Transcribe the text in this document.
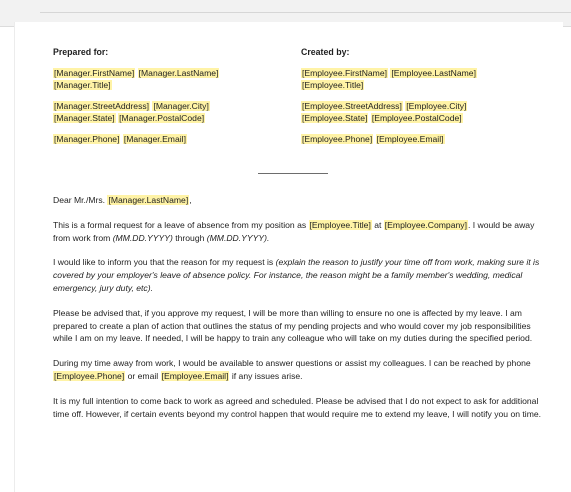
Prepared for:
[Manager.FirstName] [Manager.LastName]
[Manager.Title]
[Manager.StreetAddress] [Manager.City]
[Manager.State] [Manager.PostalCode]
[Manager.Phone] [Manager.Email]
Created by:
[Employee.FirstName] [Employee.LastName]
[Employee.Title]
[Employee.StreetAddress] [Employee.City]
[Employee.State] [Employee.PostalCode]
[Employee.Phone] [Employee.Email]

Dear Mr./Mrs. [Manager.LastName],

This is a formal request for a leave of absence from my position as [Employee.Title] at [Employee.Company]. I would be away from work from (MM.DD.YYYY) through (MM.DD.YYYY).

I would like to inform you that the reason for my request is (explain the reason to justify your time off from work, making sure it is covered by your employer's leave of absence policy. For instance, the reason might be a family member's wedding, medical emergency, jury duty, etc).

Please be advised that, if you approve my request, I will be more than willing to ensure no one is affected by my leave. I am prepared to create a plan of action that outlines the status of my pending projects and who would cover my job responsibilities while I am on my leave. If needed, I will be happy to train any colleague who will take on my duties during the specified period.

During my time away from work, I would be available to answer questions or assist my colleagues. I can be reached by phone [Employee.Phone] or email [Employee.Email] if any issues arise.

It is my full intention to come back to work as agreed and scheduled. Please be advised that I do not expect to ask for additional time off. However, if certain events beyond my control happen that would require me to extend my leave, I will notify you on time.
